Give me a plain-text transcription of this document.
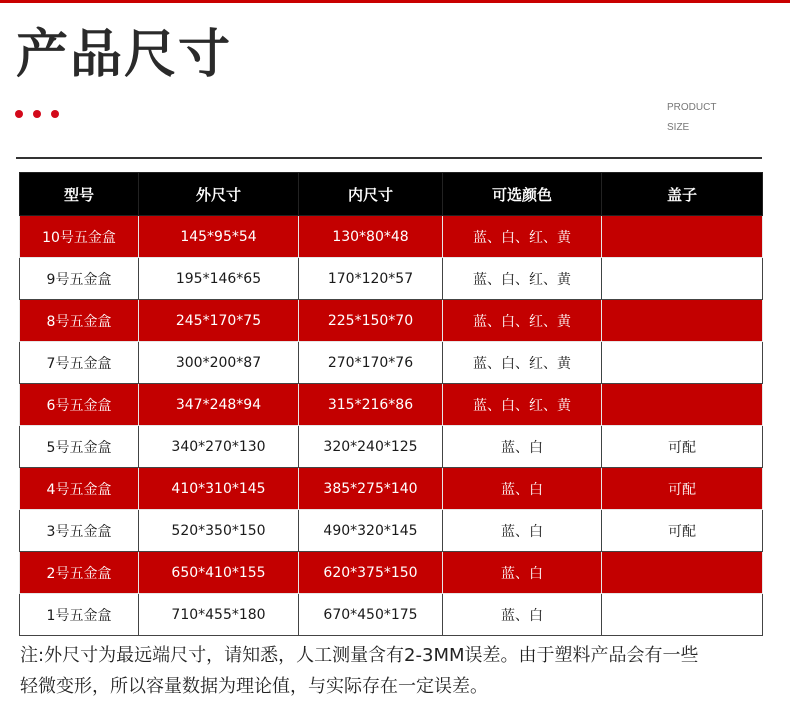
产品尺寸
PRODUCT
SIZE
型号	外尺寸	内尺寸	可选颜色	盖子
10号五金盒	145*95*54	130*80*48	蓝、白、红、黄	
9号五金盒	195*146*65	170*120*57	蓝、白、红、黄	
8号五金盒	245*170*75	225*150*70	蓝、白、红、黄	
7号五金盒	300*200*87	270*170*76	蓝、白、红、黄	
6号五金盒	347*248*94	315*216*86	蓝、白、红、黄	
5号五金盒	340*270*130	320*240*125	蓝、白	可配
4号五金盒	410*310*145	385*275*140	蓝、白	可配
3号五金盒	520*350*150	490*320*145	蓝、白	可配
2号五金盒	650*410*155	620*375*150	蓝、白	
1号五金盒	710*455*180	670*450*175	蓝、白	
注:外尺寸为最远端尺寸，请知悉，人工测量含有2-3MM误差。由于塑料产品会有一些
轻微变形，所以容量数据为理论值，与实际存在一定误差。
